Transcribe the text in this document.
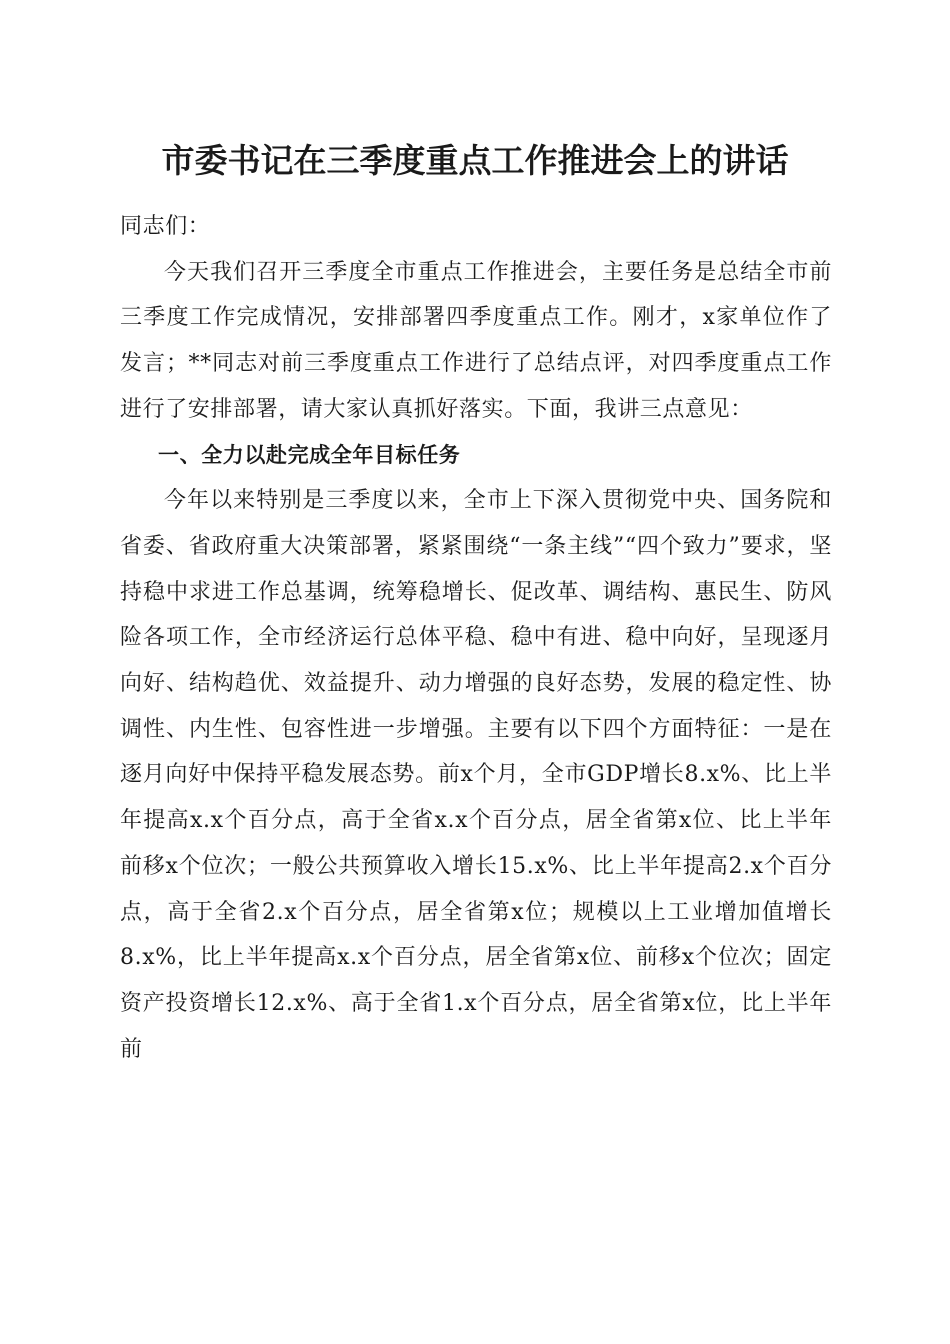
市委书记在三季度重点工作推进会上的讲话

同志们：

今天我们召开三季度全市重点工作推进会，主要任务是总结全市前三季度工作完成情况，安排部署四季度重点工作。刚才，x家单位作了发言；**同志对前三季度重点工作进行了总结点评，对四季度重点工作进行了安排部署，请大家认真抓好落实。下面，我讲三点意见：

一、全力以赴完成全年目标任务

今年以来特别是三季度以来，全市上下深入贯彻党中央、国务院和省委、省政府重大决策部署，紧紧围绕“一条主线”“四个致力”要求，坚持稳中求进工作总基调，统筹稳增长、促改革、调结构、惠民生、防风险各项工作，全市经济运行总体平稳、稳中有进、稳中向好，呈现逐月向好、结构趋优、效益提升、动力增强的良好态势，发展的稳定性、协调性、内生性、包容性进一步增强。主要有以下四个方面特征：一是在逐月向好中保持平稳发展态势。前x个月，全市GDP增长8.x%、比上半年提高x.x个百分点，高于全省x.x个百分点，居全省第x位、比上半年前移x个位次；一般公共预算收入增长15.x%、比上半年提高2.x个百分点，高于全省2.x个百分点，居全省第x位；规模以上工业增加值增长8.x%，比上半年提高x.x个百分点，居全省第x位、前移x个位次；固定资产投资增长12.x%、高于全省1.x个百分点，居全省第x位，比上半年前
